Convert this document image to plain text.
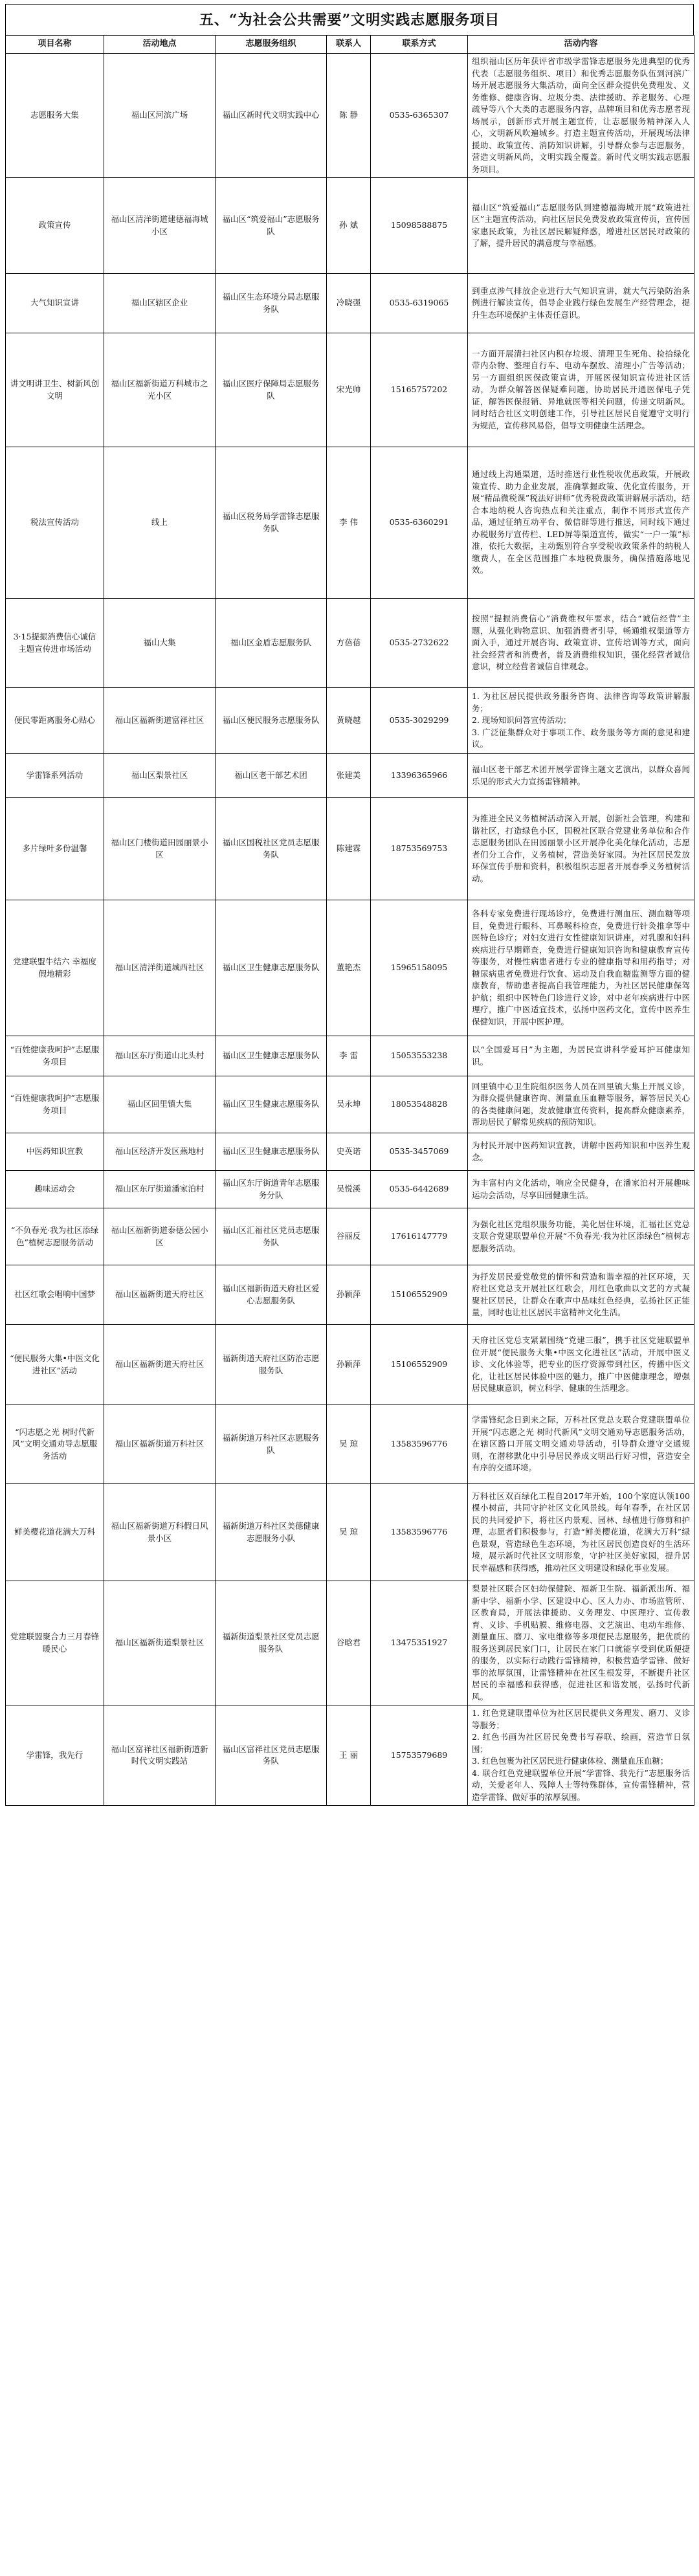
五、“为社会公共需要”文明实践志愿服务项目
项目名称	活动地点	志愿服务组织	联系人	联系方式	活动内容
志愿服务大集	福山区河滨广场	福山区新时代文明实践中心	陈 静	0535-6365307	组织福山区历年获评省市级学雷锋志愿服务先进典型的优秀代表（志愿服务组织、项目）和优秀志愿服务队伍到河滨广场开展志愿服务大集活动，面向全区群众提供免费理发、义务维修、健康咨询、垃圾分类、法律援助、养老服务、心理疏导等八个大类的志愿服务内容，品牌项目和优秀志愿者现场展示，创新形式开展主题宣传，让志愿服务精神深入人心，文明新风吹遍城乡。打造主题宣传活动，开展现场法律援助、政策宣传、消防知识讲解，引导群众参与志愿服务，营造文明新风尚，文明实践全覆盖。新时代文明实践志愿服务项目。
政策宣传	福山区清洋街道建德福海城小区	福山区“筑爱福山”志愿服务队	孙 斌	15098588875	福山区“筑爱福山”志愿服务队到建德福海城开展“政策进社区”主题宣传活动，向社区居民免费发放政策宣传页，宣传国家惠民政策，为社区居民解疑释惑，增进社区居民对政策的了解，提升居民的满意度与幸福感。
大气知识宣讲	福山区辖区企业	福山区生态环境分局志愿服务队	冷晓强	0535-6319065	到重点涉气排放企业进行大气知识宣讲，就大气污染防治条例进行解读宣传，倡导企业践行绿色发展生产经营理念，提升生态环境保护主体责任意识。
讲文明讲卫生、树新风创文明	福山区福新街道万科城市之光小区	福山区医疗保障局志愿服务队	宋光帅	15165757202	一方面开展清扫社区内积存垃圾、清理卫生死角、捡拾绿化带内杂物、整理自行车、电动车摆放、清理小广告等活动；另一方面组织医保政策宣讲，开展医保知识宣传进社区活动，为群众解答医保疑难问题，协助居民开通医保电子凭证，解答医保报销、异地就医等相关问题，传递文明新风。同时结合社区文明创建工作，引导社区居民自觉遵守文明行为规范，宣传移风易俗，倡导文明健康生活理念。
税法宣传活动	线上	福山区税务局学雷锋志愿服务队	李 伟	0535-6360291	通过线上沟通渠道，适时推送行业性税收优惠政策，开展政策宣传、助力企业发展，准确掌握政策、优化宣传服务，开展“精品微税课”税法好讲师”优秀税费政策讲解展示活动，结合本地纳税人咨询热点和关注重点，制作不同形式宣传产品，通过征纳互动平台、微信群等进行推送，同时线下通过办税服务厅宣传栏、LED屏等渠道宣传，做实“一户一策”标准，依托大数据，主动甄别符合享受税收政策条件的纳税人缴费人，在全区范围推广本地税费服务，确保措施落地见效。
3·15提振消费信心诚信主题宣传进市场活动	福山大集	福山区金盾志愿服务队	方蓓蓓	0535-2732622	按照“提振消费信心”消费维权年要求，结合“诚信经营”主题，从强化购物意识、加强消费者引导，畅通维权渠道等方面入手，通过开展咨询、政策宣讲、宣传培训等方式，面向社会经营者和消费者，普及消费维权知识，强化经营者诚信意识，树立经营者诚信自律观念。
便民零距离服务心贴心	福山区福新街道富祥社区	福山区便民服务志愿服务队	黄晓越	0535-3029299	1. 为社区居民提供政务服务咨询、法律咨询等政策讲解服务；
2. 现场知识问答宣传活动；
3. 广泛征集群众对于事项工作、政务服务等方面的意见和建议。
学雷锋系列活动	福山区梨景社区	福山区老干部艺术团	张建美	13396365966	福山区老干部艺术团开展学雷锋主题文艺演出，以群众喜闻乐见的形式大力宣扬雷锋精神。
多片绿叶多份温馨	福山区门楼街道田园丽景小区	福山区国税社区党员志愿服务队	陈建霖	18753569753	为推进全民义务植树活动深入开展，创新社会管理，构建和谐社区，打造绿色小区，国税社区联合党建业务单位和合作志愿服务团队在田园丽景小区开展净化美化绿化活动，志愿者们分工合作，义务植树，营造美好家园。为社区居民发放环保宣传手册和资料，积极组织志愿者开展春季义务植树活动。
党建联盟牛结六 幸福度假地精彩	福山区清洋街道城西社区	福山区卫生健康志愿服务队	董艳杰	15965158095	各科专家免费进行现场诊疗，免费进行测血压、测血糖等项目，免费进行眼科、耳鼻喉科检查，免费进行针灸推拿等中医特色诊疗；对妇女进行女性健康知识讲座，对乳腺和妇科疾病进行早期筛查，免费进行健康知识咨询和健康教育宣传等服务，对慢性病患者进行专业的健康指导和用药指导；对糖尿病患者免费进行饮食、运动及自我血糖监测等方面的健康教育，帮助患者提高自我管理能力，为社区居民健康保驾护航；组织中医特色门诊进行义诊，对中老年疾病进行中医理疗，推广中医适宜技术，弘扬中医药文化，宣传中医养生保健知识，开展中医护理。
“百姓健康我呵护”志愿服务项目	福山区东厅街道山北头村	福山区卫生健康志愿服务队	李 雷	15053553238	以“全国爱耳日”为主题，为居民宣讲科学爱耳护耳健康知识。
“百姓健康我呵护”志愿服务项目	福山区回里镇大集	福山区卫生健康志愿服务队	吴永坤	18053548828	回里镇中心卫生院组织医务人员在回里镇大集上开展义诊，为群众提供健康咨询、测量血压血糖等服务，解答居民关心的各类健康问题，发放健康宣传资料，提高群众健康素养，帮助居民了解常见疾病的预防知识。
中医药知识宣教	福山区经济开发区燕地村	福山区卫生健康志愿服务队	史英诺	0535-3457069	为村民开展中医药知识宣教，讲解中医药知识和中医养生观念。
趣味运动会	福山区东厅街道潘家泊村	福山区东厅街道青年志愿服务分队	吴悦溪	0535-6442689	为丰富村内文化活动，响应全民健身，在潘家泊村开展趣味运动会活动，尽享田园健康生活。
“不负春光·我为社区添绿色”植树志愿服务活动	福山区福新街道泰德公园小区	福山区汇福社区党员志愿服务队	谷丽反	17616147779	为强化社区党组织服务功能，美化居住环境，汇福社区党总支联合党建联盟单位开展“不负春光·我为社区添绿色”植树志愿服务活动。
社区红歌会唱响中国梦	福山区福新街道天府社区	福山区福新街道天府社区爱心志愿服务队	孙颖萍	15106552909	为抒发居民爱党敬党的情怀和营造和谐幸福的社区环境，天府社区党总支开展社区红歌会，用红色歌曲以文艺的方式凝聚社区居民，让群众在歌声中品味红色经典，弘扬社区正能量，同时也让社区居民丰富精神文化生活。
“便民服务大集•中医文化进社区”活动	福山区福新街道天府社区	福新街道天府社区防治志愿服务队	孙颖萍	15106552909	天府社区党总支紧紧围绕“党建三服”，携手社区党建联盟单位开展“便民服务大集•中医文化进社区”活动，开展中医义诊、文化体验等，把专业的医疗资源带到社区，传播中医文化，让社区居民体验中医的魅力，推广中医健康理念，增强居民健康意识，树立科学、健康的生活理念。
“闪志愿之光 树时代新风”文明交通劝导志愿服务活动	福山区福新街道万科社区	福新街道万科社区志愿服务队	吴 琼	13583596776	学雷锋纪念日到来之际，万科社区党总支联合党建联盟单位开展“闪志愿之光 树时代新风”文明交通劝导志愿服务活动，在辖区路口开展文明交通劝导活动，引导群众遵守交通规则，在潜移默化中引导居民养成文明出行好习惯，营造安全有序的交通环境。
鲜美樱花道花满大万科	福山区福新街道万科假日风景小区	福新街道万科社区美德健康志愿服务小队	吴 琼	13583596776	万科社区双百绿化工程自2017年开始，100个家庭认领100棵小树苗，共同守护社区文化风景线。每年春季，在社区居民的共同爱护下，将社区内景观、园林、绿植进行修剪和护理，志愿者们积极参与，打造“鲜美樱花道，花满大万科”绿色景观，营造绿色生态环境，为社区居民创造良好的生活环境，展示新时代社区文明形象，守护社区美好家园，提升居民幸福感和获得感，推动社区文明建设和绿化事业发展。
党建联盟聚合力三月春锋暖民心	福山区福新街道梨景社区	福新街道梨景社区党员志愿服务队	谷晗君	13475351927	梨景社区联合区妇幼保健院、福新卫生院、福新派出所、福新中学、福新小学、区建设中心、区人力办、市场监管所、区教育局，开展法律援助、义务理发、中医理疗、宣传教育、义诊、手机贴膜、维修电器、文艺演出、电动车维修、测量血压、磨刀、家电维修等多项便民志愿服务，把优质的服务送到居民家门口，让居民在家门口就能享受到优质便捷的服务，以实际行动践行雷锋精神，积极营造学雷锋、做好事的浓厚氛围，让雷锋精神在社区生根发芽，不断提升社区居民的幸福感和获得感，促进社区和谐发展，弘扬时代新风。
学雷锋，我先行	福山区富祥社区福新街道新时代文明实践站	福山区富祥社区党员志愿服务队	王 丽	15753579689	1. 红色党建联盟单位为社区居民提供义务理发、磨刀、义诊等服务；
2. 红色书画为社区居民免费书写春联、绘画，营造节日氛围；
3. 红色包裹为社区居民进行健康体检、测量血压血糖；
4. 联合红色党建联盟单位开展“学雷锋、我先行”志愿服务活动，关爱老年人、残障人士等特殊群体，宣传雷锋精神，营造学雷锋、做好事的浓厚氛围。
